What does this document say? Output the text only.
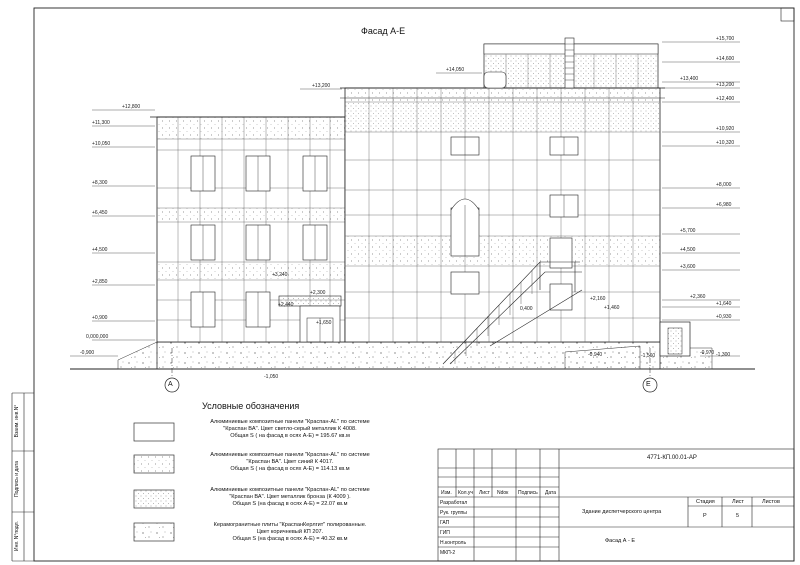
Фасад А-Е
А	Е
+12,800
+11,300
+10,050
+8,300
+6,450
+4,500
+2,850
+0,900
0,000,000
-0,900
+14,050
+13,200
+15,700
+14,600
+13,400
+13,200
+12,400
+10,920
+10,320
+8,000
+6,980
+5,700
+4,500
+3,600
+2,360
+1,640
+0,930
-0,970 -1,300
+3,240
+2,440
+2,300
+1,650
+2,160
+1,460
0,400
-0,940	-1,560
-1,050
Условные обозначения
Алюминиевые композитные панели "Краспан-AL" по системе
"Краспан ВА". Цвет светло-серый металлик К 4008.
Общая S ( на фасад в осях А-Е) = 195.67 кв.м
Алюминиевые композитные панели "Краспан-AL" по системе
"Краспан ВА". Цвет синий К 4017.
Общая S ( на фасад в осях А-Е) = 114.13 кв.м
Алюминиевые композитные панели "Краспан-AL" по системе
"Краспан ВА". Цвет металлик бронза (К 4009 ).
Общая S (на фасад в осях А-Е) = 22.07 кв.м
Керамогранитные плиты "КраспанКерлгит" полированные.
Цвет коричневый КП 207.
Общая S (на фасад в осях А-Е) = 40.32 кв.м
Взаим. инв.N°
Подпись и дата
Инв. N°подл.
4771-КП.00.01-АР
Изм. Кол.уч Лист Ndoк Подпись Дата
Разработал
Рук. группы
ГАП
ГИП
Н.контроль
МКП-2
Здание диспетчерского центра
Фасад А - Е
Стадия	Лист	Листов
Р	5
